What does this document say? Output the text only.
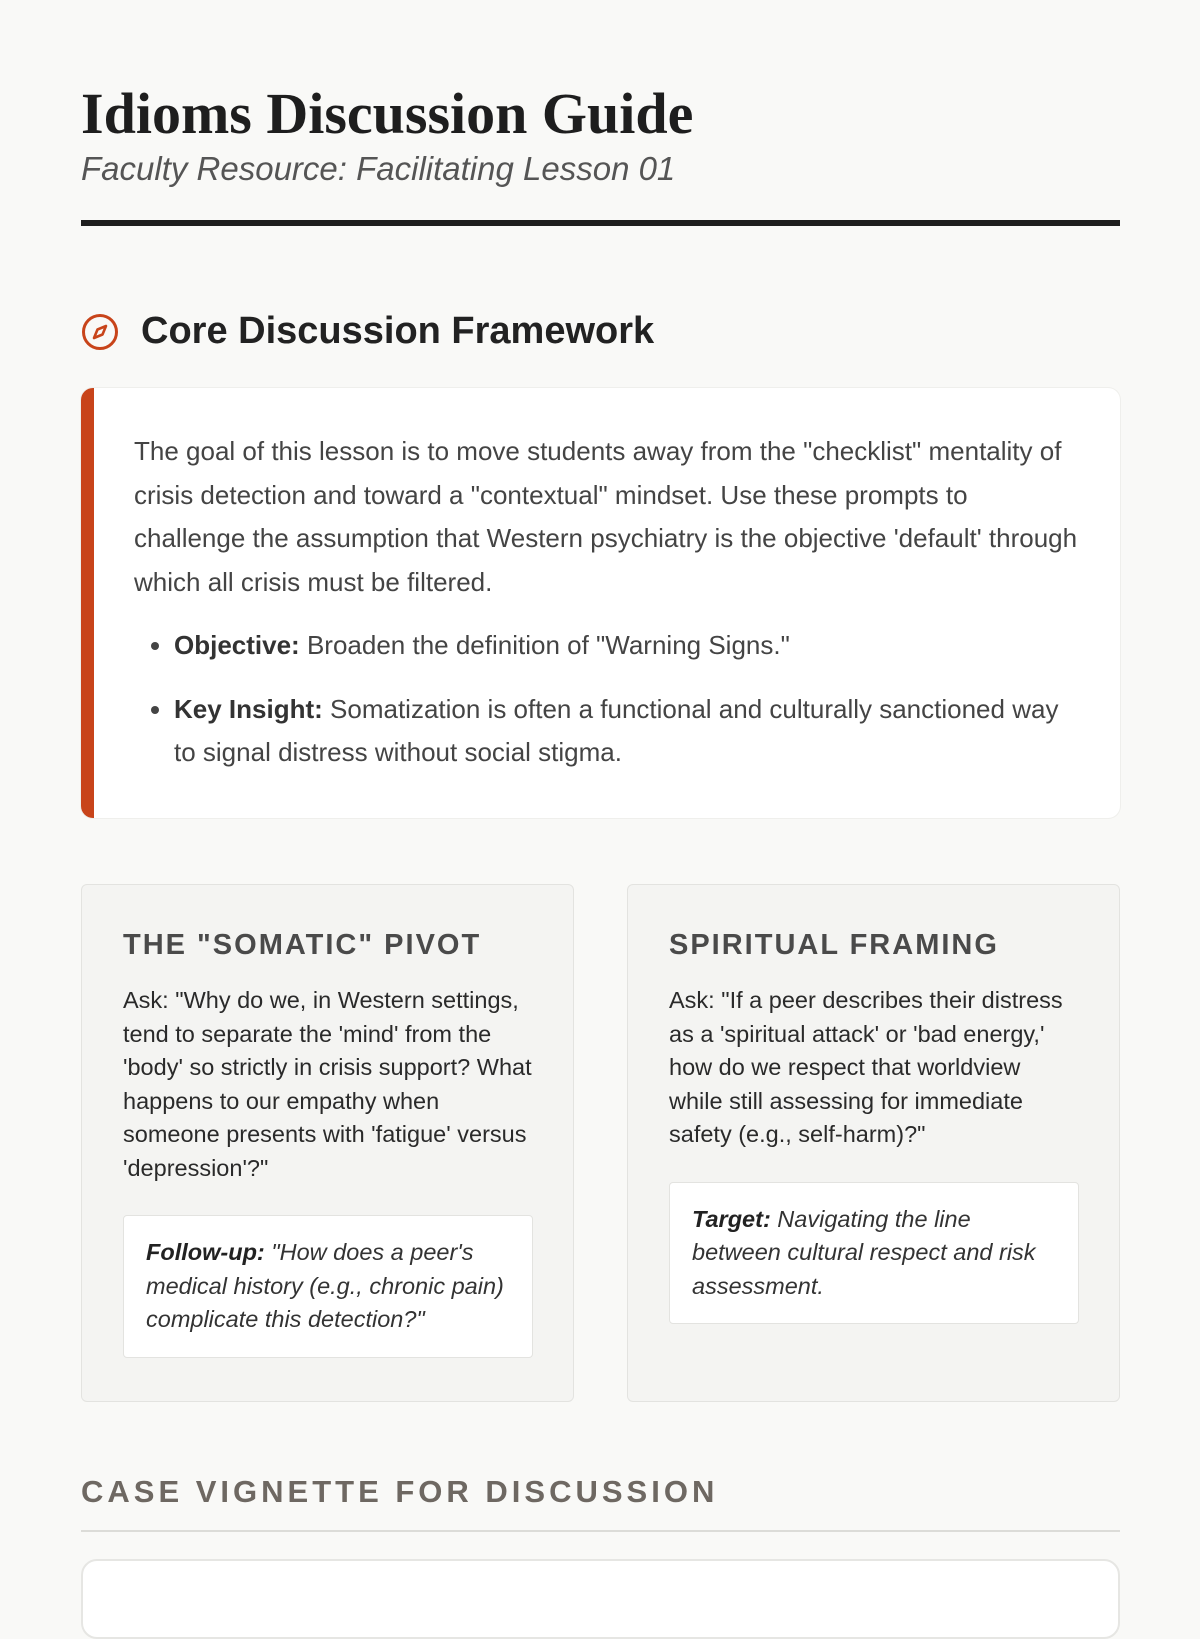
Idioms Discussion Guide
Faculty Resource: Facilitating Lesson 01
Core Discussion Framework

The goal of this lesson is to move students away from the "checklist" mentality of crisis detection and toward a "contextual" mindset. Use these prompts to challenge the assumption that Western psychiatry is the objective 'default' through which all crisis must be filtered.

• Objective: Broaden the definition of "Warning Signs."
• Key Insight: Somatization is often a functional and culturally sanctioned way to signal distress without social stigma.
THE "SOMATIC" PIVOT

Ask: "Why do we, in Western settings, tend to separate the 'mind' from the 'body' so strictly in crisis support? What happens to our empathy when someone presents with 'fatigue' versus 'depression'?"

Follow-up: "How does a peer's medical history (e.g., chronic pain) complicate this detection?"
SPIRITUAL FRAMING

Ask: "If a peer describes their distress as a 'spiritual attack' or 'bad energy,' how do we respect that worldview while still assessing for immediate safety (e.g., self-harm)?"

Target: Navigating the line between cultural respect and risk assessment.
CASE VIGNETTE FOR DISCUSSION
